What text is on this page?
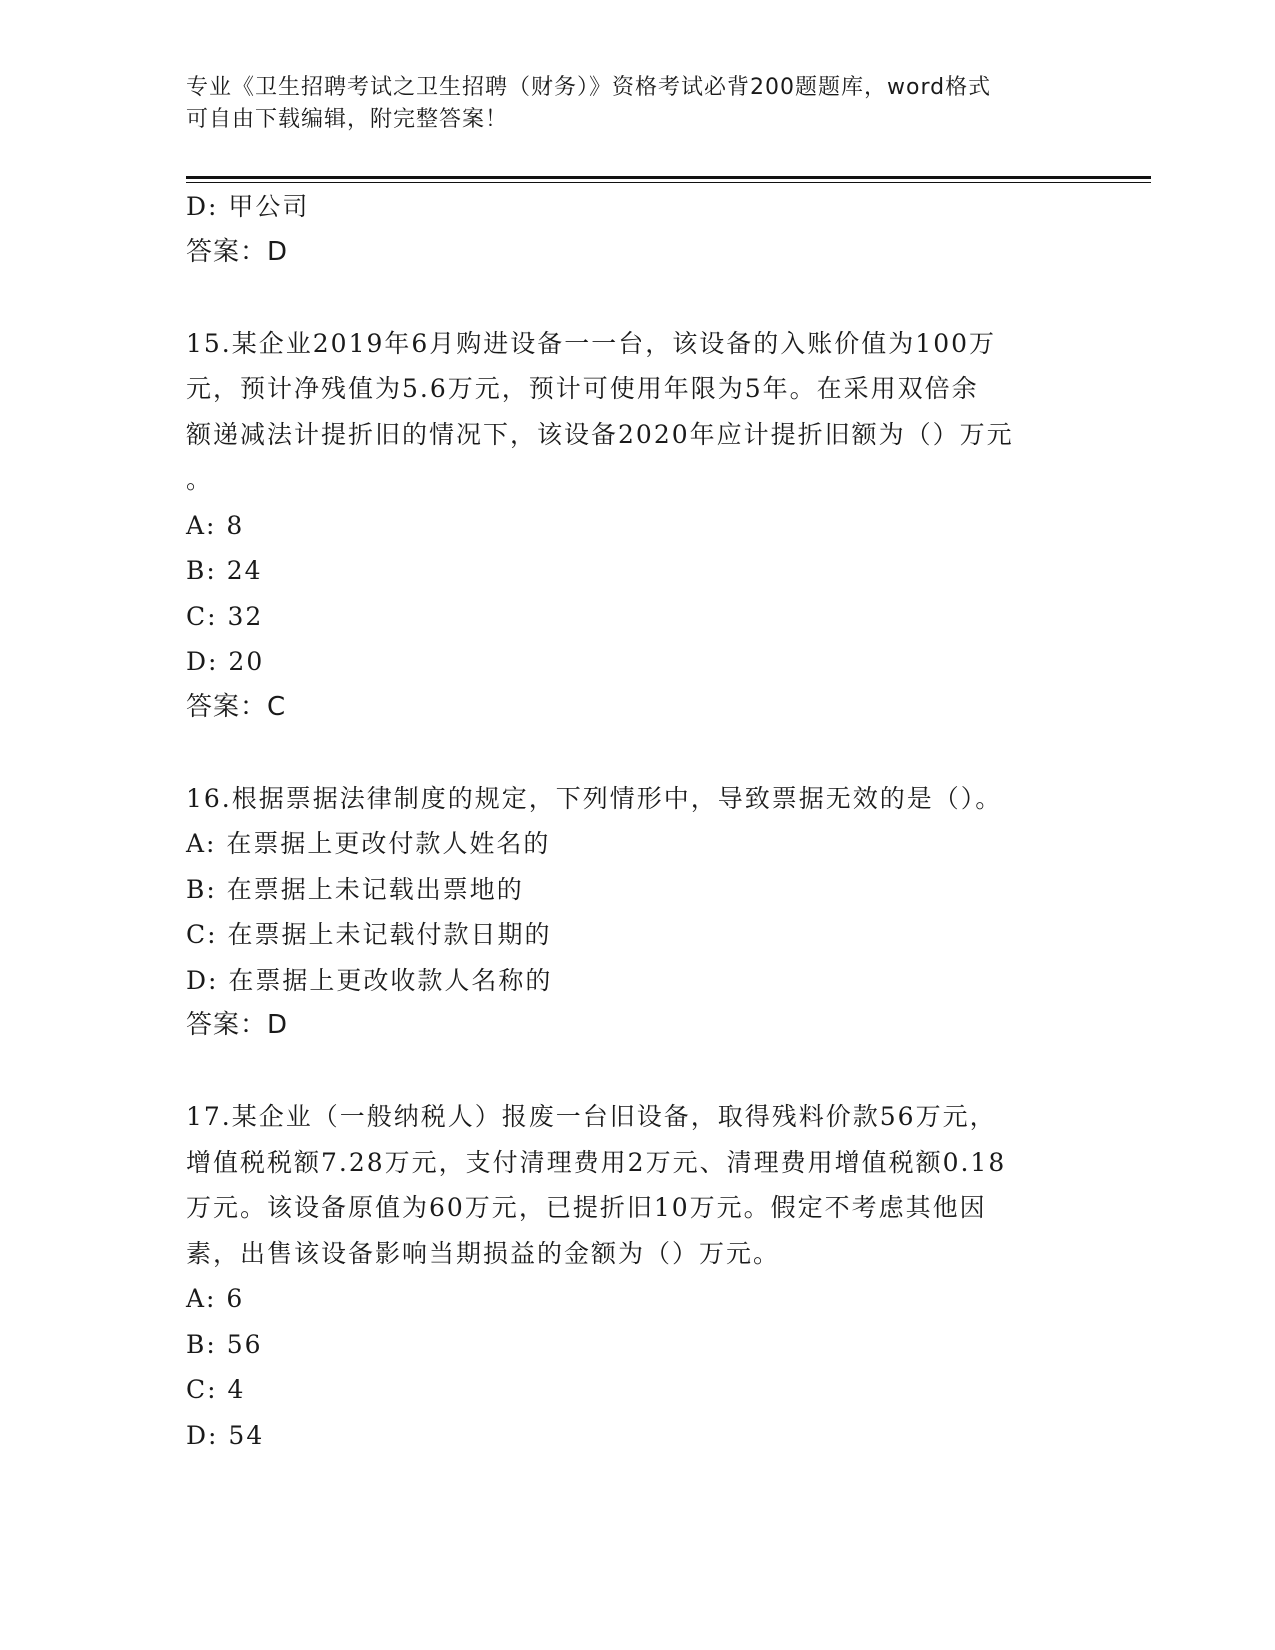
专业《卫生招聘考试之卫生招聘（财务）》资格考试必背200题题库，word格式
可自由下载编辑，附完整答案！
D: 甲公司
答案：D
15.某企业2019年6月购进设备一一台，该设备的入账价值为100万
元，预计净残值为5.6万元，预计可使用年限为5年。在采用双倍余
额递减法计提折旧的情况下，该设备2020年应计提折旧额为（）万元
。
A: 8
B: 24
C: 32
D: 20
答案：C
16.根据票据法律制度的规定，下列情形中，导致票据无效的是（）。
A: 在票据上更改付款人姓名的
B: 在票据上未记载出票地的
C: 在票据上未记载付款日期的
D: 在票据上更改收款人名称的
答案：D
17.某企业（一般纳税人）报废一台旧设备，取得残料价款56万元，
增值税税额7.28万元，支付清理费用2万元、清理费用增值税额0.18
万元。该设备原值为60万元，已提折旧10万元。假定不考虑其他因
素，出售该设备影响当期损益的金额为（）万元。
A: 6
B: 56
C: 4
D: 54
